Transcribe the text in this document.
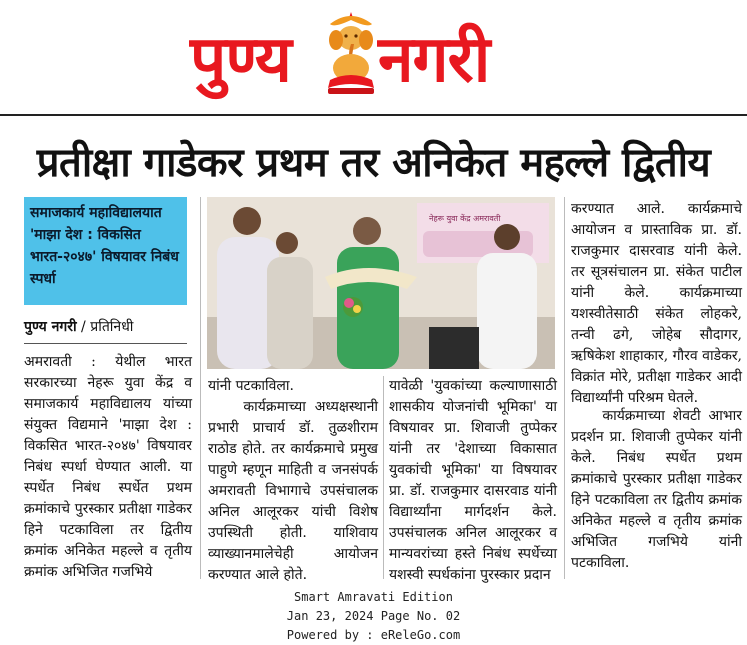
पुण्य नगरी
प्रतीक्षा गाडेकर प्रथम तर अनिकेत महल्ले द्वितीय
समाजकार्य महाविद्यालयात 'माझा देश : विकसित भारत-२०४७' विषयावर निबंध स्पर्धा
पुण्य नगरी / प्रतिनिधी
नेहरू युवा केंद्र अमरावती
अमरावती : येथील भारत सरकारच्या नेहरू युवा केंद्र व समाजकार्य महाविद्यालय यांच्या संयुक्त विद्यमाने 'माझा देश : विकसित भारत-२०४७' विषयावर निबंध स्पर्धा घेण्यात आली. या स्पर्धेत निबंध स्पर्धेत प्रथम क्रमांकाचे पुरस्कार प्रतीक्षा गाडेकर हिने पटकाविला तर द्वितीय क्रमांक अनिकेत महल्ले व तृतीय क्रमांक अभिजित गजभिये
यांनी पटकाविला.
कार्यक्रमाच्या अध्यक्षस्थानी प्रभारी प्राचार्य डॉ. तुळशीराम राठोड होते. तर कार्यक्रमाचे प्रमुख पाहुणे म्हणून माहिती व जनसंपर्क अमरावती विभागाचे उपसंचालक अनिल आलूरकर यांची विशेष उपस्थिती होती. याशिवाय व्याख्यानमालेचेही आयोजन करण्यात आले होते.
यावेळी 'युवकांच्या कल्याणासाठी शासकीय योजनांची भूमिका' या विषयावर प्रा. शिवाजी तुप्पेकर यांनी तर 'देशाच्या विकासात युवकांची भूमिका' या विषयावर प्रा. डॉ. राजकुमार दासरवाड यांनी विद्यार्थ्यांना मार्गदर्शन केले. उपसंचालक अनिल आलूरकर व मान्यवरांच्या हस्ते निबंध स्पर्धेच्या यशस्वी स्पर्धकांना पुरस्कार प्रदान
करण्यात आले. कार्यक्रमाचे आयोजन व प्रास्ताविक प्रा. डॉ. राजकुमार दासरवाड यांनी केले. तर सूत्रसंचालन प्रा. संकेत पाटील यांनी केले. कार्यक्रमाच्या यशस्वीतेसाठी संकेत लोहकरे, तन्वी ढगे, जोहेब सौदागर, ऋषिकेश शाहाकार, गौरव वाडेकर, विक्रांत मोरे, प्रतीक्षा गाडेकर आदी विद्यार्थ्यांनी परिश्रम घेतले.
कार्यक्रमाच्या शेवटी आभार प्रदर्शन प्रा. शिवाजी तुप्पेकर यांनी केले. निबंध स्पर्धेत प्रथम क्रमांकाचे पुरस्कार प्रतीक्षा गाडेकर हिने पटकाविला तर द्वितीय क्रमांक अनिकेत महल्ले व तृतीय क्रमांक अभिजित गजभिये यांनी पटकाविला.
Smart Amravati Edition
Jan 23, 2024 Page No. 02
Powered by : eReleGo.com
